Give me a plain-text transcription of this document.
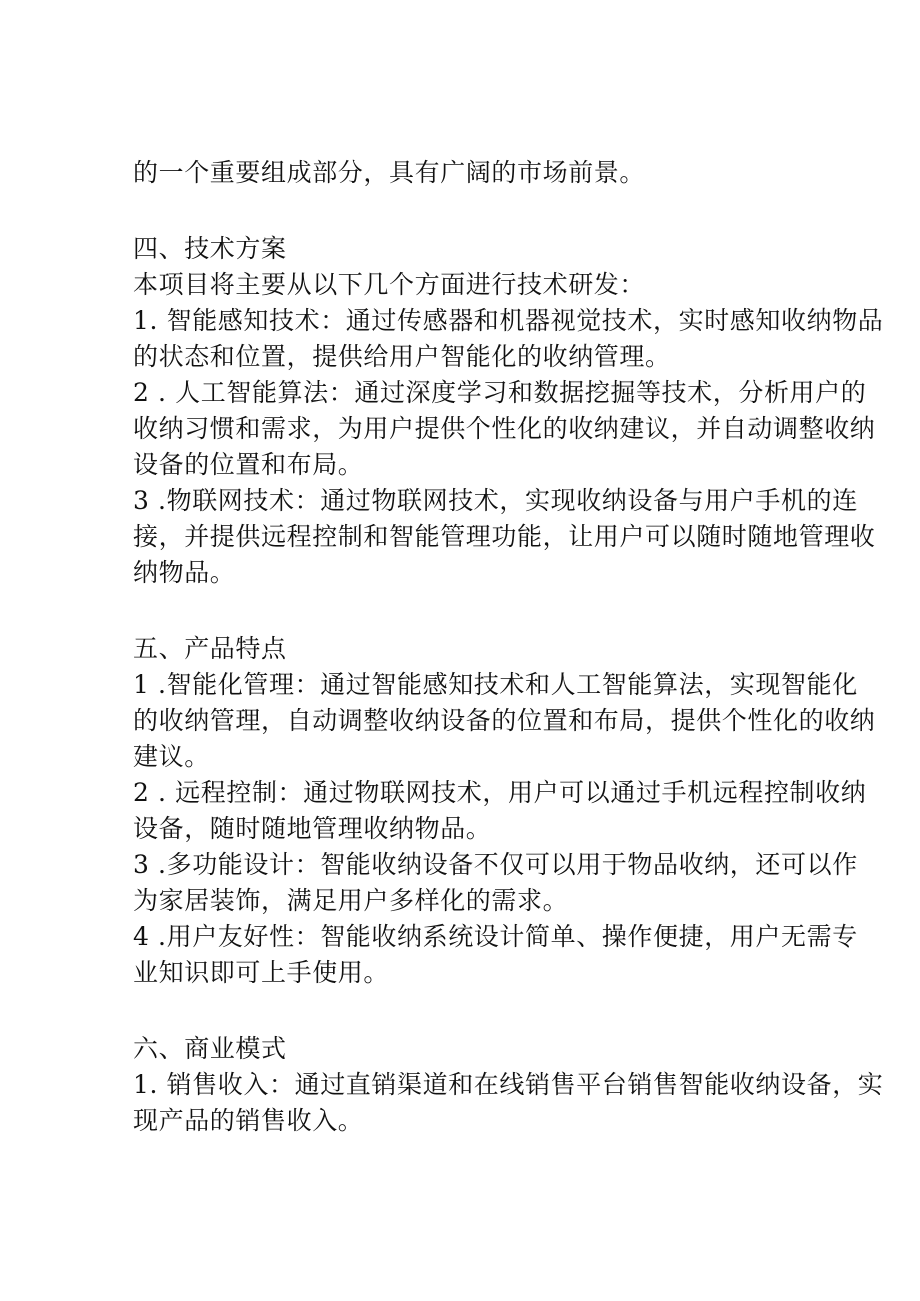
的一个重要组成部分，具有广阔的市场前景。
四、技术方案
本项目将主要从以下几个方面进行技术研发：
1. 智能感知技术：通过传感器和机器视觉技术，实时感知收纳物品
的状态和位置，提供给用户智能化的收纳管理。
2 . 人工智能算法：通过深度学习和数据挖掘等技术，分析用户的
收纳习惯和需求，为用户提供个性化的收纳建议，并自动调整收纳
设备的位置和布局。
3 .物联网技术：通过物联网技术，实现收纳设备与用户手机的连
接，并提供远程控制和智能管理功能，让用户可以随时随地管理收
纳物品。
五、产品特点
1 .智能化管理：通过智能感知技术和人工智能算法，实现智能化
的收纳管理，自动调整收纳设备的位置和布局，提供个性化的收纳
建议。
2 . 远程控制：通过物联网技术，用户可以通过手机远程控制收纳
设备，随时随地管理收纳物品。
3 .多功能设计：智能收纳设备不仅可以用于物品收纳，还可以作
为家居装饰，满足用户多样化的需求。
4 .用户友好性：智能收纳系统设计简单、操作便捷，用户无需专
业知识即可上手使用。
六、商业模式
1. 销售收入：通过直销渠道和在线销售平台销售智能收纳设备，实
现产品的销售收入。
